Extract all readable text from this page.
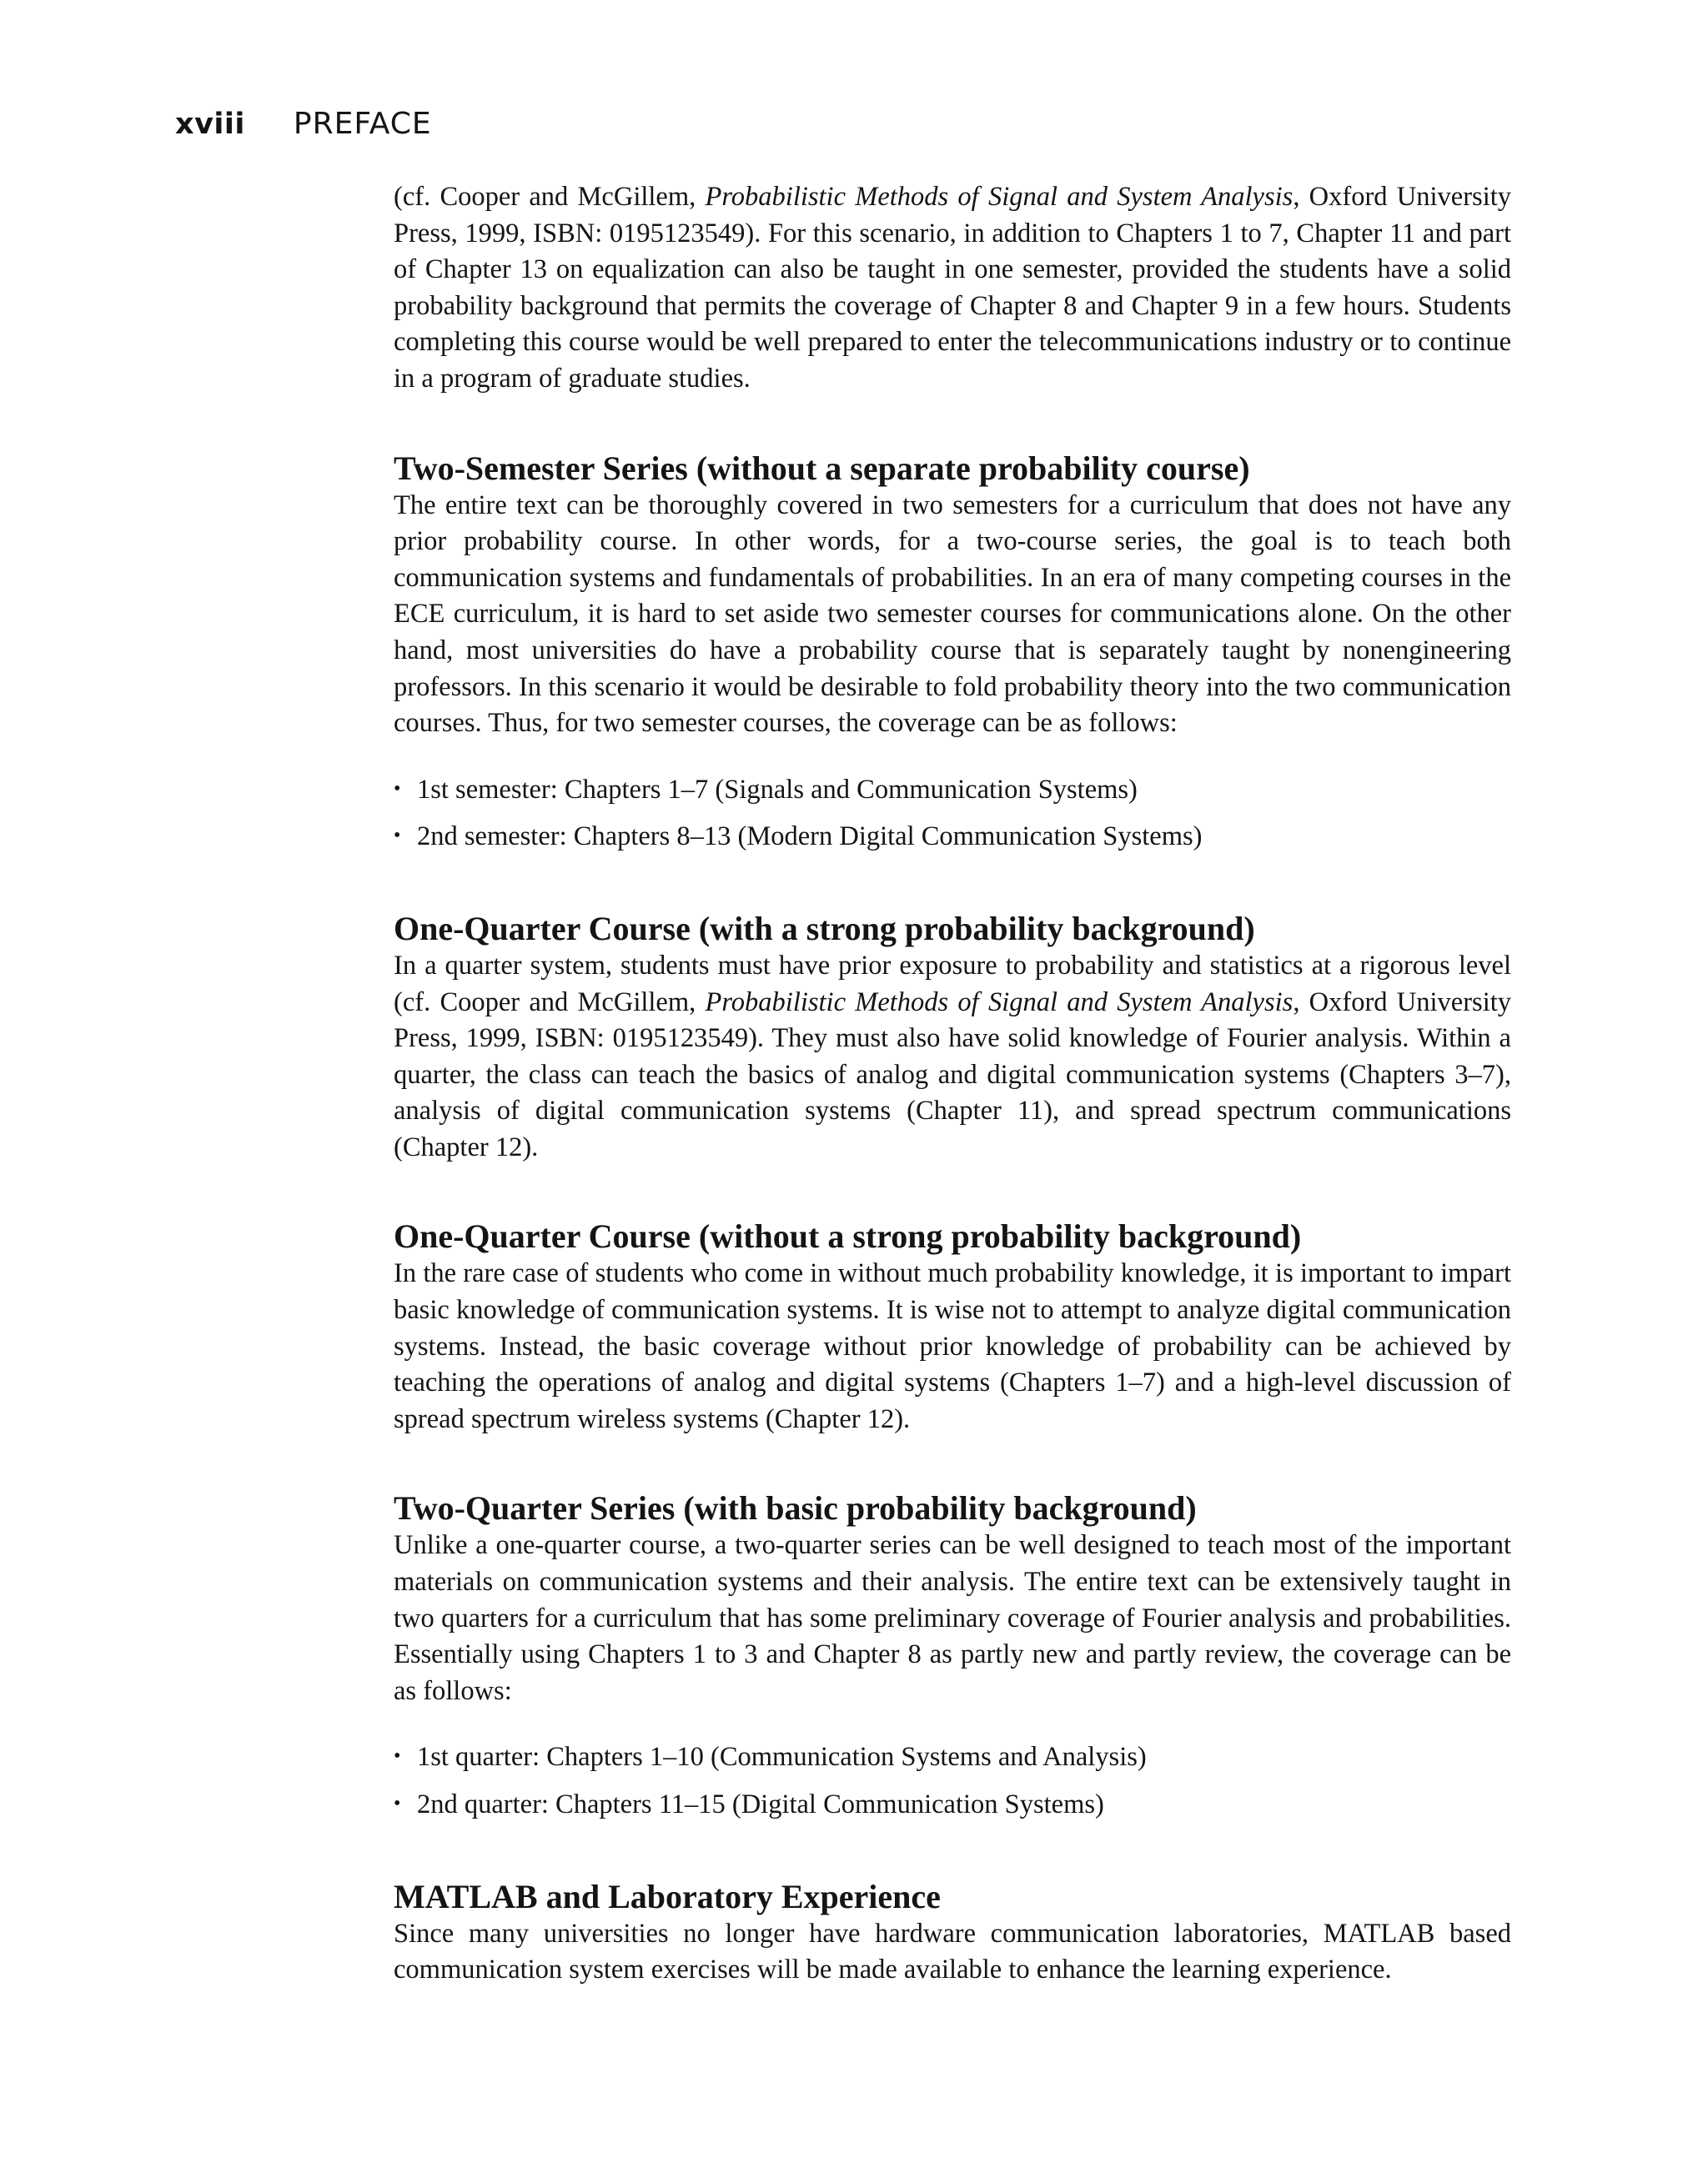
xviii PREFACE

(cf. Cooper and McGillem, Probabilistic Methods of Signal and System Analysis, Oxford University Press, 1999, ISBN: 0195123549). For this scenario, in addition to Chapters 1 to 7, Chapter 11 and part of Chapter 13 on equalization can also be taught in one semester, provided the students have a solid probability background that permits the coverage of Chapter 8 and Chapter 9 in a few hours. Students completing this course would be well prepared to enter the telecommunications industry or to continue in a program of graduate studies.

Two-Semester Series (without a separate probability course)

The entire text can be thoroughly covered in two semesters for a curriculum that does not have any prior probability course. In other words, for a two-course series, the goal is to teach both communication systems and fundamentals of probabilities. In an era of many competing courses in the ECE curriculum, it is hard to set aside two semester courses for communications alone. On the other hand, most universities do have a probability course that is separately taught by nonengineering professors. In this scenario it would be desirable to fold probability theory into the two communication courses. Thus, for two semester courses, the coverage can be as follows:

• 1st semester: Chapters 1–7 (Signals and Communication Systems)
• 2nd semester: Chapters 8–13 (Modern Digital Communication Systems)
One-Quarter Course (with a strong probability background)

In a quarter system, students must have prior exposure to probability and statistics at a rigorous level (cf. Cooper and McGillem, Probabilistic Methods of Signal and System Analysis, Oxford University Press, 1999, ISBN: 0195123549). They must also have solid knowledge of Fourier analysis. Within a quarter, the class can teach the basics of analog and digital communication systems (Chapters 3–7), analysis of digital communication systems (Chapter 11), and spread spectrum communications (Chapter 12).

One-Quarter Course (without a strong probability background)

In the rare case of students who come in without much probability knowledge, it is important to impart basic knowledge of communication systems. It is wise not to attempt to analyze digital communication systems. Instead, the basic coverage without prior knowledge of probability can be achieved by teaching the operations of analog and digital systems (Chapters 1–7) and a high-level discussion of spread spectrum wireless systems (Chapter 12).

Two-Quarter Series (with basic probability background)

Unlike a one-quarter course, a two-quarter series can be well designed to teach most of the important materials on communication systems and their analysis. The entire text can be extensively taught in two quarters for a curriculum that has some preliminary coverage of Fourier analysis and probabilities. Essentially using Chapters 1 to 3 and Chapter 8 as partly new and partly review, the coverage can be as follows:

• 1st quarter: Chapters 1–10 (Communication Systems and Analysis)
• 2nd quarter: Chapters 11–15 (Digital Communication Systems)
MATLAB and Laboratory Experience

Since many universities no longer have hardware communication laboratories, MATLAB based communication system exercises will be made available to enhance the learning experience.
